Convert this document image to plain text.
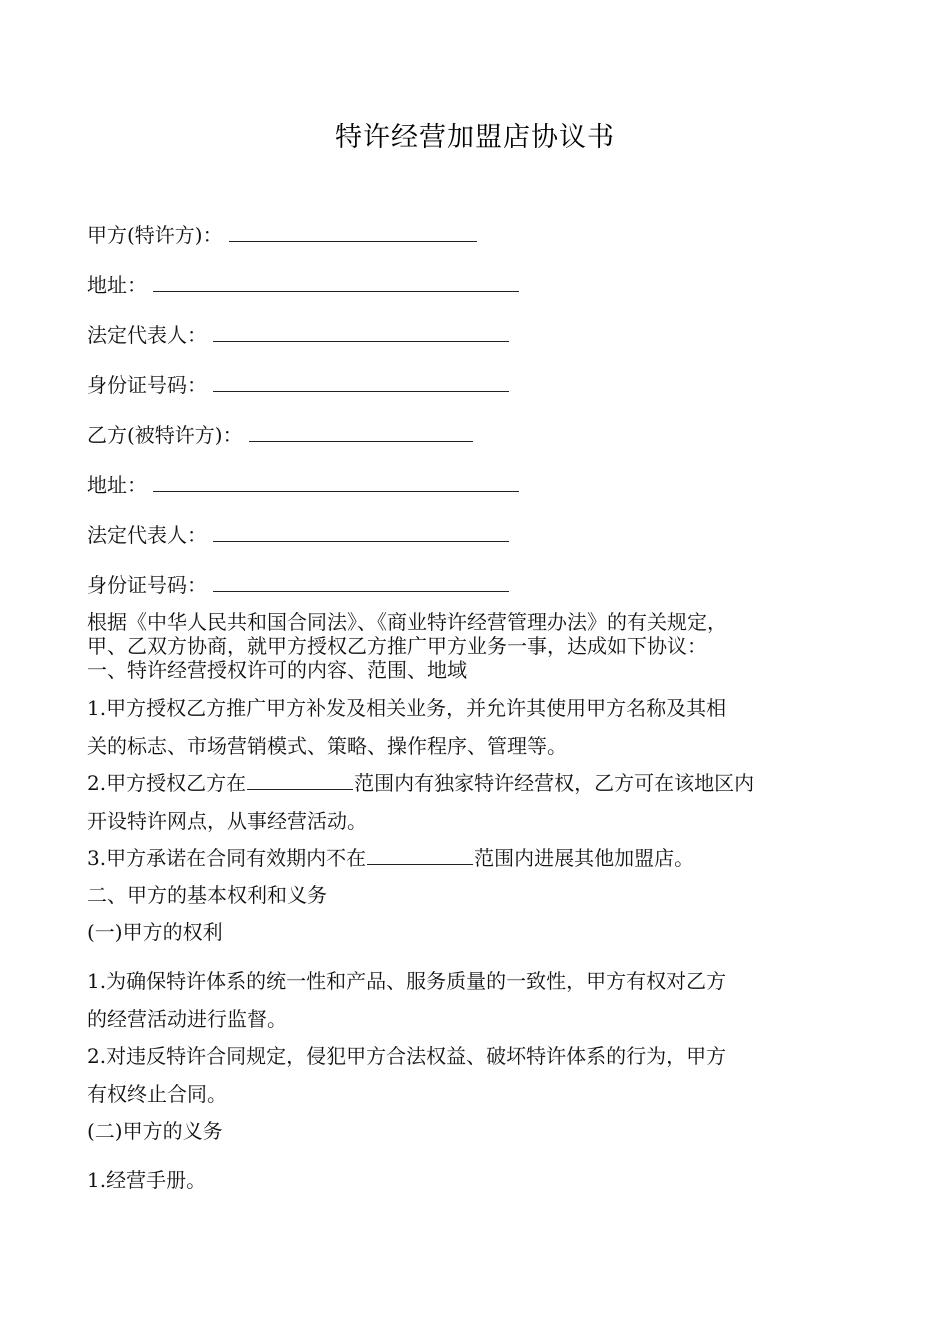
特许经营加盟店协议书
甲方(特许方)：
地址：
法定代表人：
身份证号码：
乙方(被特许方)：
地址：
法定代表人：
身份证号码：
根据《中华人民共和国合同法》、《商业特许经营管理办法》的有关规定，
甲、乙双方协商，就甲方授权乙方推广甲方业务一事，达成如下协议：
一、特许经营授权许可的内容、范围、地域
1.甲方授权乙方推广甲方补发及相关业务，并允许其使用甲方名称及其相
关的标志、市场营销模式、策略、操作程序、管理等。
2.甲方授权乙方在	范围内有独家特许经营权，乙方可在该地区内
开设特许网点，从事经营活动。
3.甲方承诺在合同有效期内不在	范围内进展其他加盟店。
二、甲方的基本权利和义务
(一)甲方的权利
1.为确保特许体系的统一性和产品、服务质量的一致性，甲方有权对乙方
的经营活动进行监督。
2.对违反特许合同规定，侵犯甲方合法权益、破坏特许体系的行为，甲方
有权终止合同。
(二)甲方的义务
1.经营手册。
